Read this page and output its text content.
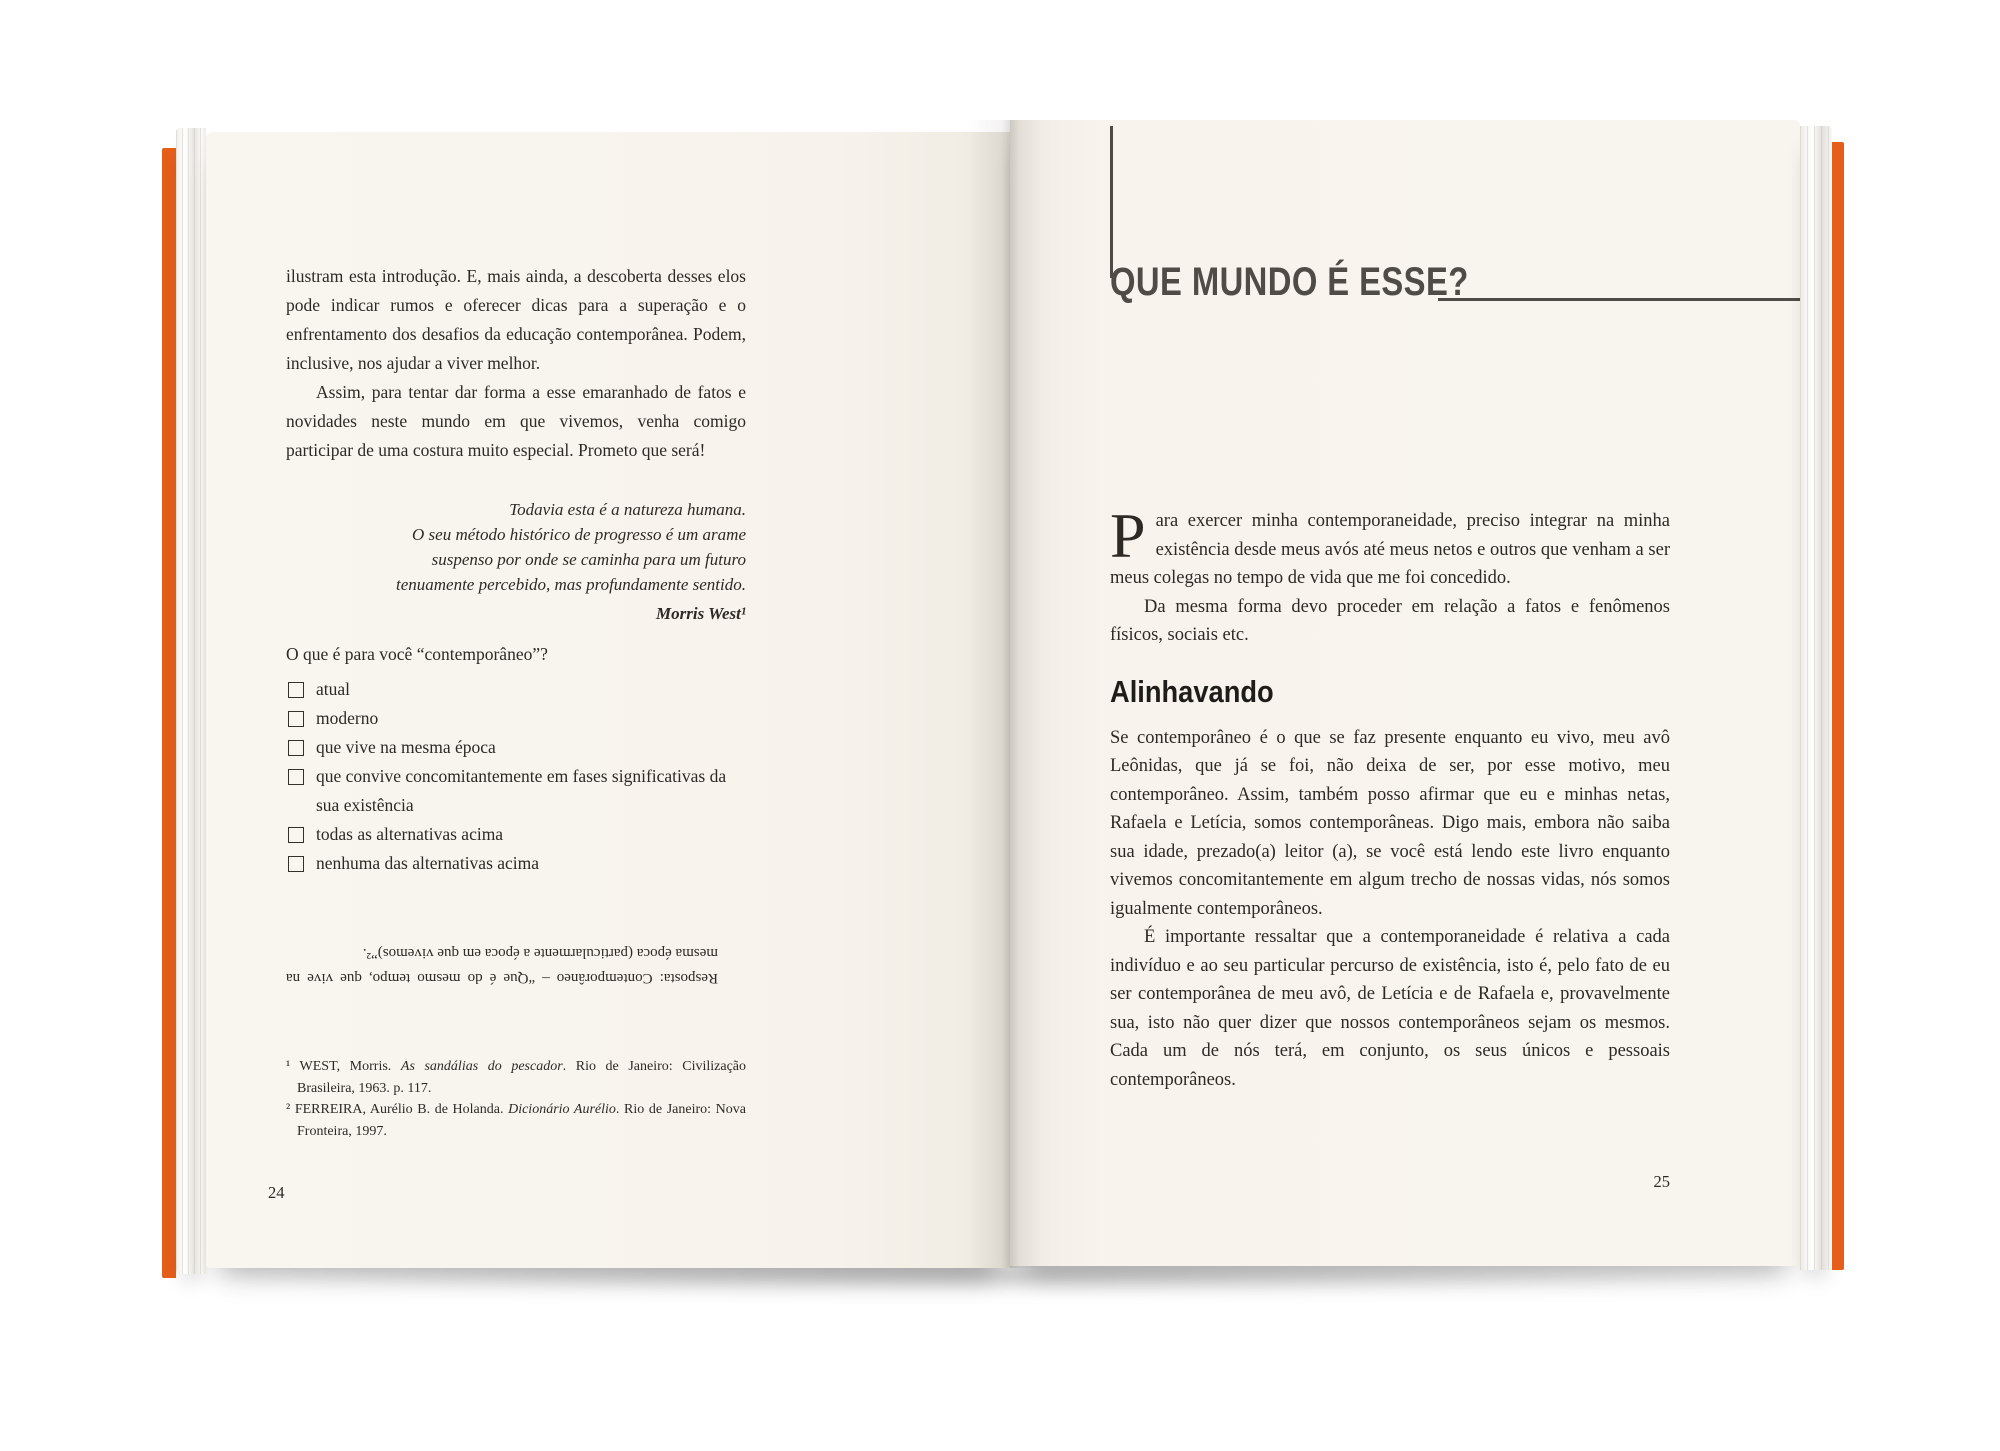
ilustram esta introdução. E, mais ainda, a descoberta desses elos pode indicar rumos e oferecer dicas para a superação e o enfrentamento dos desafios da educação contemporânea. Podem, inclusive, nos ajudar a viver melhor.

Assim, para tentar dar forma a esse emaranhado de fatos e novidades neste mundo em que vivemos, venha comigo participar de uma costura muito especial. Prometo que será!

Todavia esta é a natureza humana.
O seu método histórico de progresso é um arame
suspenso por onde se caminha para um futuro
tenuamente percebido, mas profundamente sentido.
Morris West¹

O que é para você “contemporâneo”?

atual
moderno
que vive na mesma época
que convive concomitantemente em fases significativas da sua existência
todas as alternativas acima
nenhuma das alternativas acima

Resposta: Contemporâneo – “Que é do mesmo tempo, que vive na mesma época (particularmente a época em que vivemos)”².

¹ WEST, Morris. As sandálias do pescador. Rio de Janeiro: Civilização Brasileira, 1963. p. 117.

² FERREIRA, Aurélio B. de Holanda. Dicionário Aurélio. Rio de Janeiro: Nova Fronteira, 1997.

24
QUE MUNDO É ESSE?

Para exercer minha contemporaneidade, preciso integrar na minha existência desde meus avós até meus netos e outros que venham a ser meus colegas no tempo de vida que me foi concedido.

Da mesma forma devo proceder em relação a fatos e fenômenos físicos, sociais etc.

Alinhavando

Se contemporâneo é o que se faz presente enquanto eu vivo, meu avô Leônidas, que já se foi, não deixa de ser, por esse motivo, meu contemporâneo. Assim, também posso afirmar que eu e minhas netas, Rafaela e Letícia, somos contemporâneas. Digo mais, embora não saiba sua idade, prezado(a) leitor (a), se você está lendo este livro enquanto vivemos concomitantemente em algum trecho de nossas vidas, nós somos igualmente contemporâneos.

É importante ressaltar que a contemporaneidade é relativa a cada indivíduo e ao seu particular percurso de existência, isto é, pelo fato de eu ser contemporânea de meu avô, de Letícia e de Rafaela e, provavelmente sua, isto não quer dizer que nossos contemporâneos sejam os mesmos. Cada um de nós terá, em conjunto, os seus únicos e pessoais contemporâneos.

25
